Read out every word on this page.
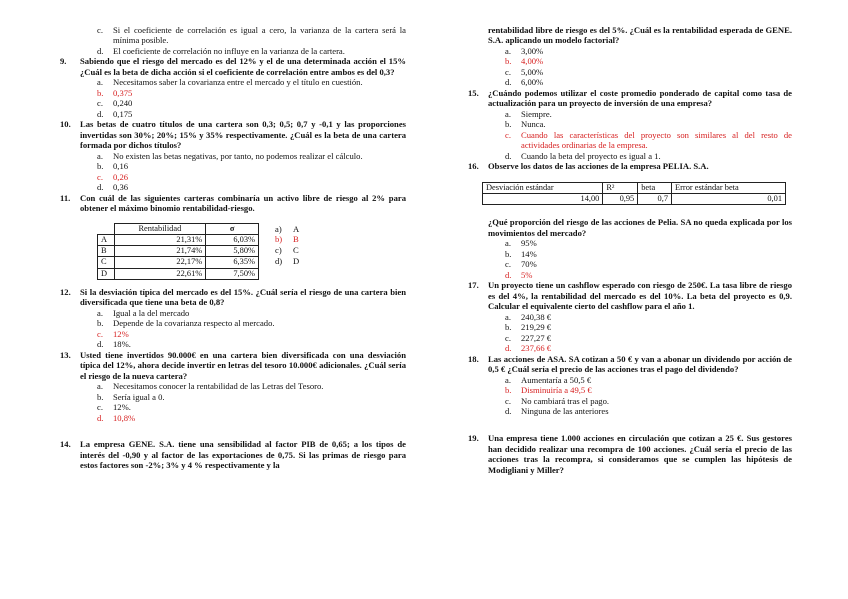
c.	Si el coeficiente de correlación es igual a cero, la varianza de la cartera será la mínima posible.
d.	El coeficiente de correlación no influye en la varianza de la cartera.
9.	Sabiendo que el riesgo del mercado es del 12% y el de una determinada acción el 15% ¿Cuál es la beta de dicha acción si el coeficiente de correlación entre ambos es del 0,3?
a.	Necesitamos saber la covarianza entre el mercado y el título en cuestión.
b.	0,375
c.	0,240
d.	0,175
10.	Las betas de cuatro títulos de una cartera son 0,3; 0,5; 0,7 y -0,1 y las proporciones invertidas son 30%; 20%; 15% y 35% respectivamente. ¿Cuál es la beta de una cartera formada por dichos títulos?
a.	No existen las betas negativas, por tanto, no podemos realizar el cálculo.
b.	0,16
c.	0,26
d.	0,36
11.	Con cuál de las siguientes carteras combinaría un activo libre de riesgo al 2% para obtener el máximo binomio rentabilidad-riesgo.
	Rentabilidad	σ
A	21,31%	6,03%
B	21,74%	5,80%
C	22,17%	6,35%
D	22,61%	7,50%
a) A
b) B
c) C
d) D
12.	Si la desviación típica del mercado es del 15%. ¿Cuál sería el riesgo de una cartera bien diversificada que tiene una beta de 0,8?
a.	Igual a la del mercado
b.	Depende de la covarianza respecto al mercado.
c.	12%
d.	18%.
13.	Usted tiene invertidos 90.000€ en una cartera bien diversificada con una desviación típica del 12%, ahora decide invertir en letras del tesoro 10.000€ adicionales. ¿Cuál sería el riesgo de la nueva cartera?
a.	Necesitamos conocer la rentabilidad de las Letras del Tesoro.
b.	Sería igual a 0.
c.	12%.
d.	10,8%
14.	La empresa GENE. S.A. tiene una sensibilidad al factor PIB de 0,65; a los tipos de interés del -0,90 y al factor de las exportaciones de 0,75. Si las primas de riesgo para estos factores son -2%; 3% y 4 % respectivamente y la
rentabilidad libre de riesgo es del 5%. ¿Cuál es la rentabilidad esperada de GENE. S.A. aplicando un modelo factorial?
a.	3,00%
b.	4,00%
c.	5,00%
d.	6,00%
15.	¿Cuándo podemos utilizar el coste promedio ponderado de capital como tasa de actualización para un proyecto de inversión de una empresa?
a.	Siempre.
b.	Nunca.
c.	Cuando las características del proyecto son similares al del resto de actividades ordinarias de la empresa.
d.	Cuando la beta del proyecto es igual a 1.
16.	Observe los datos de las acciones de la empresa PELIA. S.A.
Desviación estándar	R²	beta	Error estándar beta
14,00	0,95	0,7	0,01
¿Qué proporción del riesgo de las acciones de Pelia. SA no queda explicada por los movimientos del mercado?
a.	95%
b.	14%
c.	70%
d.	5%
17.	Un proyecto tiene un cashflow esperado con riesgo de 250€. La tasa libre de riesgo es del 4%, la rentabilidad del mercado es del 10%. La beta del proyecto es 0,9. Calcular el equivalente cierto del cashflow para el año 1.
a.	240,38 €
b.	219,29 €
c.	227,27 €
d.	237,66 €
18.	Las acciones de ASA. SA cotizan a 50 € y van a abonar un dividendo por acción de 0,5 € ¿Cuál sería el precio de las acciones tras el pago del dividendo?
a.	Aumentaría a 50,5 €
b.	Disminuiría a 49,5 €
c.	No cambiará tras el pago.
d.	Ninguna de las anteriores
19.	Una empresa tiene 1.000 acciones en circulación que cotizan a 25 €. Sus gestores han decidido realizar una recompra de 100 acciones. ¿Cuál sería el precio de las acciones tras la recompra, si consideramos que se cumplen las hipótesis de Modigliani y Miller?
